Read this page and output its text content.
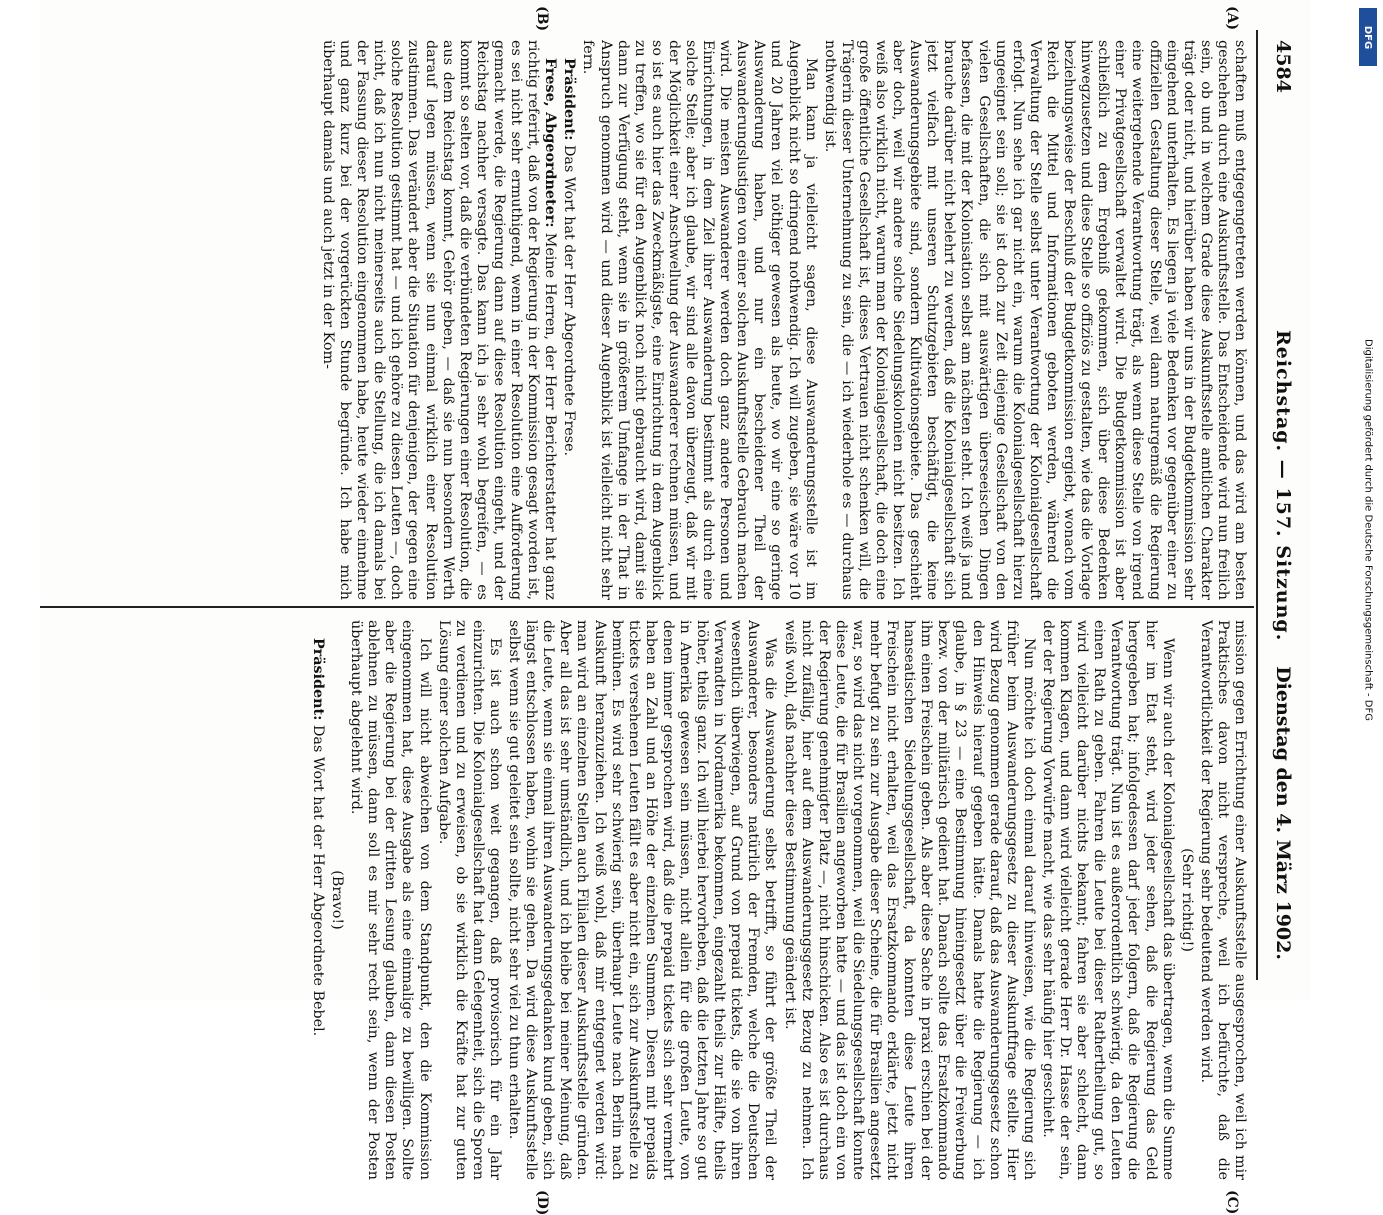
4584
Reichstag. — 157. Sitzung.
Dienstag den 4. März 1902.
(A)
(B)
(C)
(D)

schaften muß entgegengetreten werden können, und das wird am besten geschehen durch eine Auskunftsstelle. Das Entscheidende wird nun freilich sein, ob und in welchem Grade diese Auskunftsstelle amtlichen Charakter trägt oder nicht, und hierüber haben wir uns in der Budgetkommission sehr eingehend unterhalten. Es liegen ja viele Bedenken vor gegenüber einer zu offiziellen Gestaltung dieser Stelle, weil dann naturgemäß die Regierung eine weitergehende Verantwortung trägt, als wenn diese Stelle von irgend einer Privatgesellschaft verwaltet wird. Die Budgetkommission ist aber schließlich zu dem Ergebniß gekommen, sich über diese Bedenken hinwegzusetzen und diese Stelle so offiziös zu gestalten, wie das die Vorlage beziehungsweise der Beschluß der Budgetkommission ergiebt, wonach vom Reich die Mittel und Informationen geboten werden, während die Verwaltung der Stelle selbst unter Verantwortung der Kolonialgesellschaft erfolgt. Nun sehe ich gar nicht ein, warum die Kolonialgesellschaft hierzu ungeeignet sein soll; sie ist doch zur Zeit diejenige Gesellschaft von den vielen Gesellschaften, die sich mit auswärtigen überseeischen Dingen befassen, die mit der Kolonisation selbst am nächsten steht. Ich weiß ja und brauche darüber nicht belehrt zu werden, daß die Kolonialgesellschaft sich jetzt vielfach mit unseren Schutzgebieten beschäftigt, die keine Auswanderungsgebiete sind, sondern Kultivationsgebiete. Das geschieht aber doch, weil wir andere solche Siedelungskolonien nicht besitzen. Ich weiß also wirklich nicht, warum man der Kolonialgesellschaft, die doch eine große öffentliche Gesellschaft ist, dieses Vertrauen nicht schenken will, die Trägerin dieser Unternehmung zu sein, die — ich wiederhole es — durchaus nothwendig ist.

Man kann ja vielleicht sagen, diese Auswanderungsstelle ist im Augenblick nicht so dringend nothwendig. Ich will zugeben, sie wäre vor 10 und 20 Jahren viel nöthiger gewesen als heute, wo wir eine so geringe Auswanderung haben, und nur ein bescheidener Theil der Auswanderungslustigen von einer solchen Auskunftsstelle Gebrauch machen wird. Die meisten Auswanderer werden doch ganz andere Personen und Einrichtungen, in dem Ziel ihrer Auswanderung bestimmt als durch eine solche Stelle; aber ich glaube, wir sind alle davon überzeugt, daß wir mit der Möglichkeit einer Anschwellung der Auswanderer rechnen müssen, und so ist es auch hier das Zweckmäßigste, eine Einrichtung in dem Augenblick zu treffen, wo sie für den Augenblick noch nicht gebraucht wird, damit sie dann zur Verfügung steht, wenn sie in größerem Umfange in der That in Anspruch genommen wird — und dieser Augenblick ist vielleicht nicht sehr fern.

Präsident: Das Wort hat der Herr Abgeordnete Frese.

Frese, Abgeordneter: Meine Herren, der Herr Berichterstatter hat ganz richtig referirt, daß von der Regierung in der Kommission gesagt worden ist, es sei nicht sehr ermuthigend, wenn in einer Resolution eine Aufforderung gemacht werde, die Regierung dann auf diese Resolution eingeht, und der Reichstag nachher versagte. Das kann ich ja sehr wohl begreifen, — es kommt so selten vor, daß die verbündeten Regierungen einer Resolution, die aus dem Reichstag kommt, Gehör geben, — daß sie nun besondern Werth darauf legen müssen, wenn sie nun einmal wirklich einer Resolution zustimmen. Das verändert aber die Situation für denjenigen, der gegen eine solche Resolution gestimmt hat — und ich gehöre zu diesen Leuten —, doch nicht, daß ich nun nicht meinerseits auch die Stellung, die ich damals bei der Fassung dieser Resolution eingenommen habe, heute wieder einnehme und ganz kurz bei der vorgerückten Stunde begründe. Ich habe mich überhaupt damals und auch jetzt in der Kom-

mission gegen Errichtung einer Auskunftsstelle ausgesprochen, weil ich mir Praktisches davon nicht verspreche, weil ich befürchte, daß die Verantwortlichkeit der Regierung sehr bedeutend werden wird.

(Sehr richtig!)

Wenn wir auch der Kolonialgesellschaft das übertragen, wenn die Summe hier im Etat steht, wird jeder sehen, daß die Regierung das Geld hergegeben hat; infolgedessen darf jeder folgern, daß die Regierung die Verantwortung trägt. Nun ist es außerordentlich schwierig, da den Leuten einen Rath zu geben. Fahren die Leute bei dieser Rathertheilung gut, so wird vielleicht darüber nichts bekannt; fahren sie aber schlecht, dann kommen Klagen, und dann wird vielleicht gerade Herr Dr. Hasse der sein, der der Regierung Vorwürfe macht, wie das sehr häufig hier geschieht.

Nun möchte ich doch einmal darauf hinweisen, wie die Regierung sich früher beim Auswanderungsgesetz zu dieser Auskunftfrage stellte. Hier wird Bezug genommen gerade darauf, daß das Auswanderungsgesetz schon den Hinweis hierauf gegeben hätte. Damals hatte die Regierung — ich glaube, in § 23 — eine Bestimmung hineingesetzt über die Freiwerbung bezw. von der militärisch gedient hat. Danach sollte das Ersatzkommando ihm einen Freischein geben. Als aber diese Sache in praxi erschien bei der hanseatischen Siedelungsgesellschaft, da konnten diese Leute ihren Freischein nicht erhalten, weil das Ersatzkommando erklärte, jetzt nicht mehr befugt zu sein zur Ausgabe dieser Scheine, die für Brasilien angesetzt war, so wird das nicht vorgenommen, weil die Siedelungsgesellschaft konnte diese Leute, die für Brasilien angeworben hatte — und das ist doch ein von der Regierung genehmigter Platz —, nicht hinschicken. Also es ist durchaus nicht zufällig, hier auf dem Auswanderungsgesetz Bezug zu nehmen. Ich weiß wohl, daß nachher diese Bestimmung geändert ist.

Was die Auswanderung selbst betrifft, so führt der größte Theil der Auswanderer, besonders natürlich der Fremden, welche die Deutschen wesentlich überwiegen, auf Grund von prepaid tickets, die sie von ihren Verwandten in Nordamerika bekommen, eingezahlt theils zur Hälfte, theils höher, theils ganz. Ich will hierbei hervorheben, daß die letzten Jahre so gut in Amerika gewesen sein müssen, nicht allein für die großen Leute, von denen immer gesprochen wird, daß die prepaid tickets sich sehr vermehrt haben an Zahl und an Höhe der einzelnen Summen. Diesen mit prepaids tickets versehenen Leuten fällt es aber nicht ein, sich zur Auskunftsstelle zu bemühen. Es wird sehr schwierig sein, überhaupt Leute nach Berlin nach Auskunft heranzuziehen. Ich weiß wohl, daß mir entgegnet werden wird: man wird an einzelnen Stellen auch Filialen dieser Auskunftsstelle gründen. Aber all das ist sehr umständlich, und ich bleibe bei meiner Meinung, daß die Leute, wenn sie einmal ihren Auswanderungsgedanken kund geben, sich längst entschlossen haben, wohin sie gehen. Da wird diese Auskunftsstelle selbst wenn sie gut geleitet sein sollte, nicht sehr viel zu thun erhalten.

Es ist auch schon weit gegangen, daß provisorisch für ein Jahr einzurichten. Die Kolonialgesellschaft hat dann Gelegenheit, sich die Sporen zu verdienen und zu erweisen, ob sie wirklich die Kräfte hat zur guten Lösung einer solchen Aufgabe.

Ich will nicht abweichen von dem Standpunkt, den die Kommission eingenommen hat, diese Ausgabe als eine einmalige zu bewilligen. Sollte aber die Regierung bei der dritten Lesung glauben, dann diesen Posten ablehnen zu müssen, dann soll es mir sehr recht sein, wenn der Posten überhaupt abgelehnt wird.

(Bravo!)

Präsident: Das Wort hat der Herr Abgeordnete Bebel.

DFG
Digitalisierung gefördert durch die Deutsche Forschungsgemeinschaft - DFG
